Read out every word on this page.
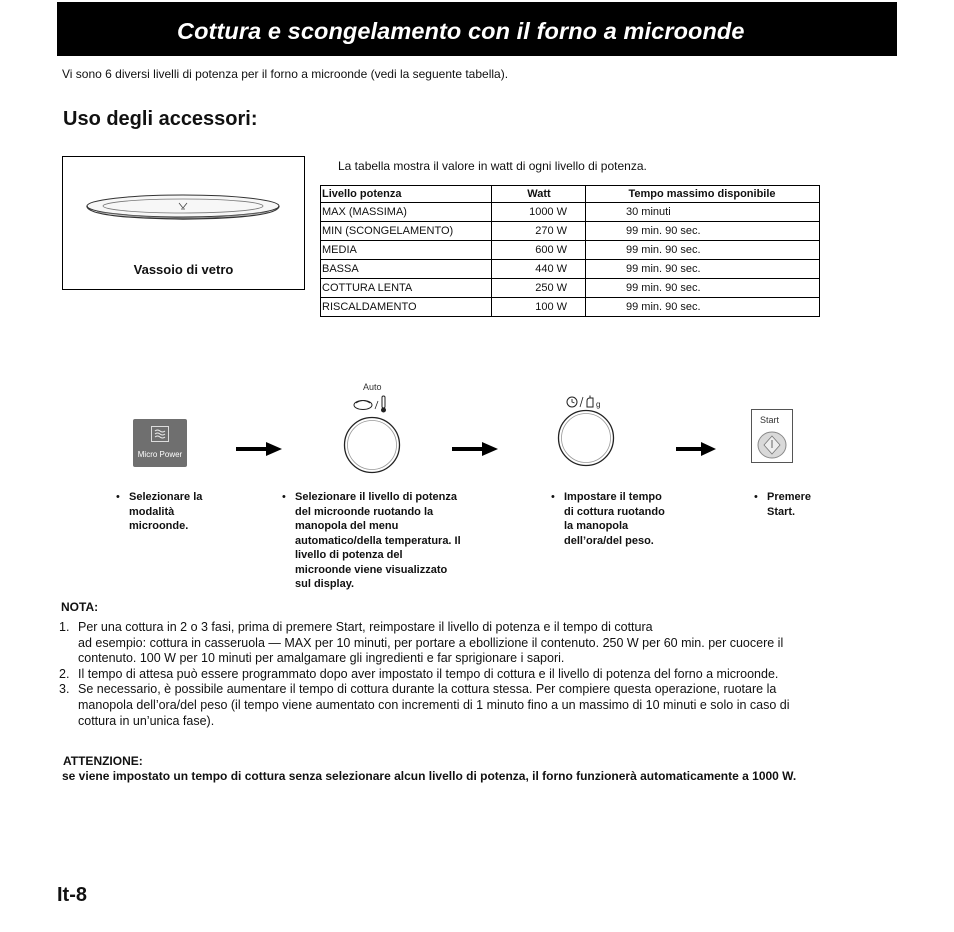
Cottura e scongelamento con il forno a microonde
Vi sono 6 diversi livelli di potenza per il forno a microonde (vedi la seguente tabella).
Uso degli accessori:
Vassoio di vetro
La tabella mostra il valore in watt di ogni livello di potenza.
Livello potenza	Watt	Tempo massimo disponibile
MAX (MASSIMA)	1000 W	30 minuti
MIN (SCONGELAMENTO)	270 W	99 min. 90 sec.
MEDIA	600 W	99 min. 90 sec.
BASSA	440 W	99 min. 90 sec.
COTTURA LENTA	250 W	99 min. 90 sec.
RISCALDAMENTO	100 W	99 min. 90 sec.
Micro Power
Auto
g
Start
• Selezionare la
modalità
microonde.
• Selezionare il livello di potenza
del microonde ruotando la
manopola del menu
automatico/della temperatura. Il
livello di potenza del
microonde viene visualizzato
sul display.
• Impostare il tempo
di cottura ruotando
la manopola
dell’ora/del peso.
• Premere
Start.
NOTA:
1. Per una cottura in 2 o 3 fasi, prima di premere Start, reimpostare il livello di potenza e il tempo di cottura
ad esempio: cottura in casseruola — MAX per 10 minuti, per portare a ebollizione il contenuto. 250 W per 60 min. per cuocere il
contenuto. 100 W per 10 minuti per amalgamare gli ingredienti e far sprigionare i sapori.
2. Il tempo di attesa può essere programmato dopo aver impostato il tempo di cottura e il livello di potenza del forno a microonde.
3. Se necessario, è possibile aumentare il tempo di cottura durante la cottura stessa. Per compiere questa operazione, ruotare la
manopola dell’ora/del peso (il tempo viene aumentato con incrementi di 1 minuto fino a un massimo di 10 minuti e solo in caso di
cottura in un’unica fase).
ATTENZIONE:
se viene impostato un tempo di cottura senza selezionare alcun livello di potenza, il forno funzionerà automaticamente a 1000 W.
It-8
